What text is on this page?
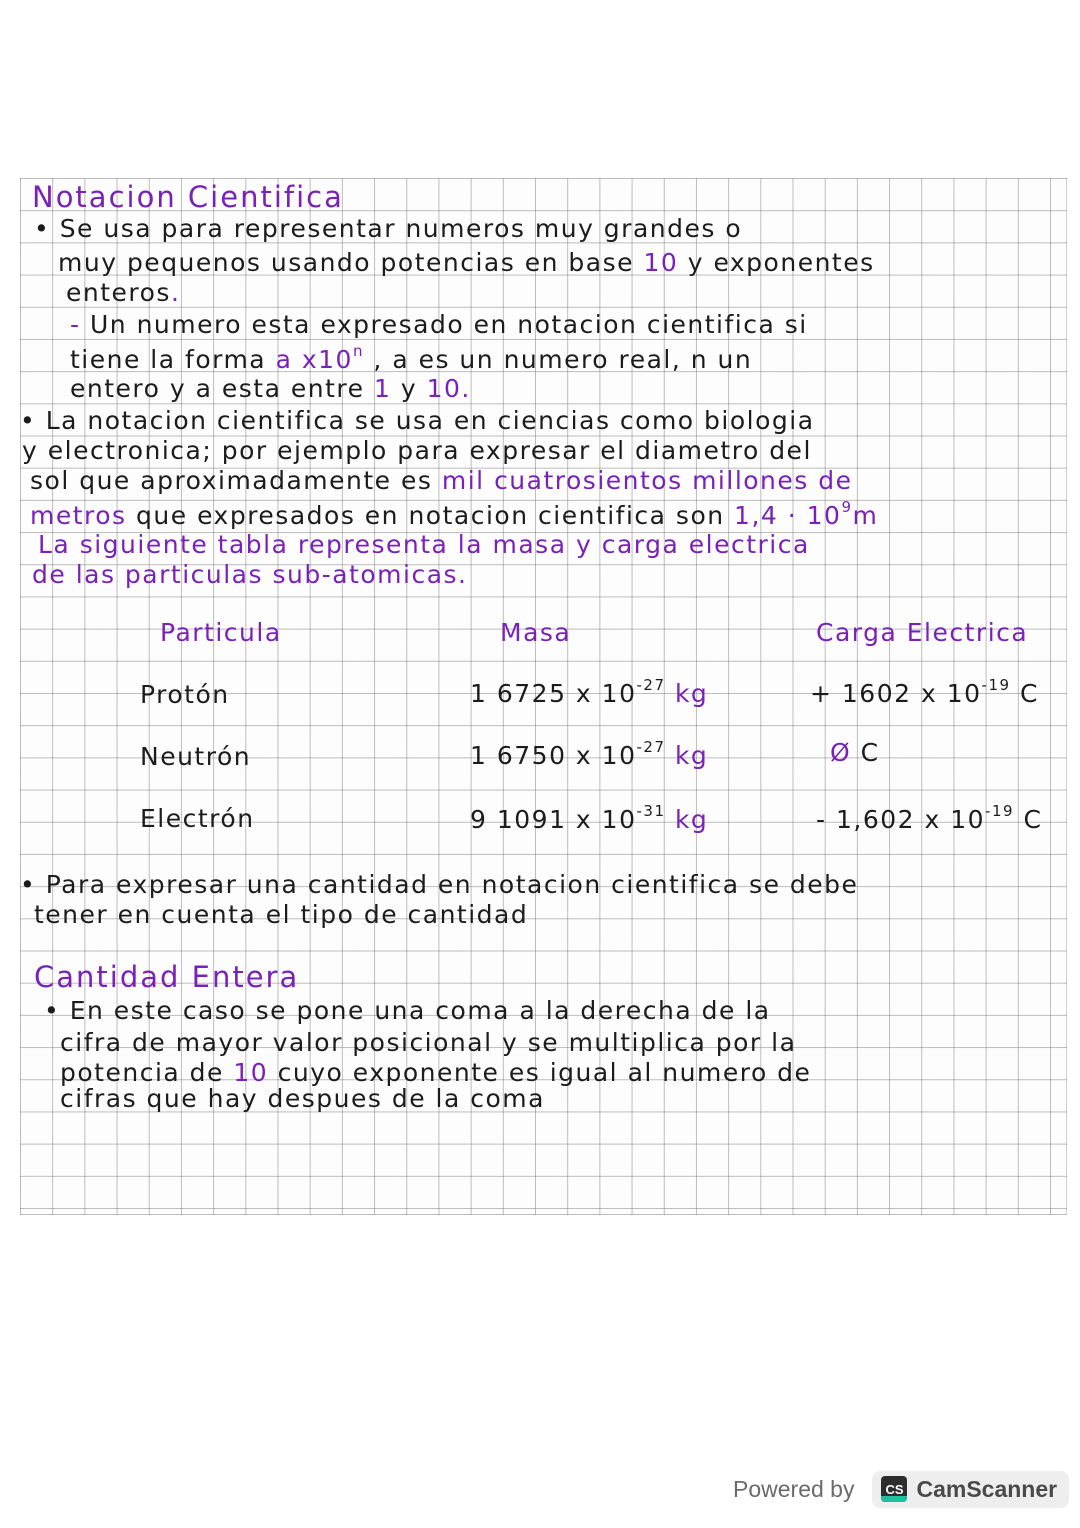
Notacion Cientifica
• Se usa para representar numeros muy grandes o
muy pequenos usando potencias en base 10 y exponentes
enteros.
- Un numero esta expresado en notacion cientifica si
tiene la forma a x10$^n$ , a es un numero real, n un
entero y a esta entre 1 y 10.
• La notacion cientifica se usa en ciencias como biologia
y electronica; por ejemplo para expresar el diametro del
sol que aproximadamente es mil cuatrosientos millones de
metros que expresados en notacion cientifica son $1,4 \cdot 10^9m$
La siguiente tabla representa la masa y carga electrica
de las particulas sub-atomicas.
Particula	Masa	Carga Electrica
Protón	1 6725 x $10^{-27}$ kg	+ 1602 x $10^{-19}$ C
Neutrón	1 6750 x $10^{-27}$ kg	Ø C
Electrón	9 1091 x $10^{-31}$ kg	- 1,602 x $10^{-19}$ C
• Para expresar una cantidad en notacion cientifica se debe
tener en cuenta el tipo de cantidad
Cantidad Entera
• En este caso se pone una coma a la derecha de la
cifra de mayor valor posicional y se multiplica por la
potencia de 10 cuyo exponente es igual al numero de
cifras que hay despues de la coma
Powered by	CS CamScanner
